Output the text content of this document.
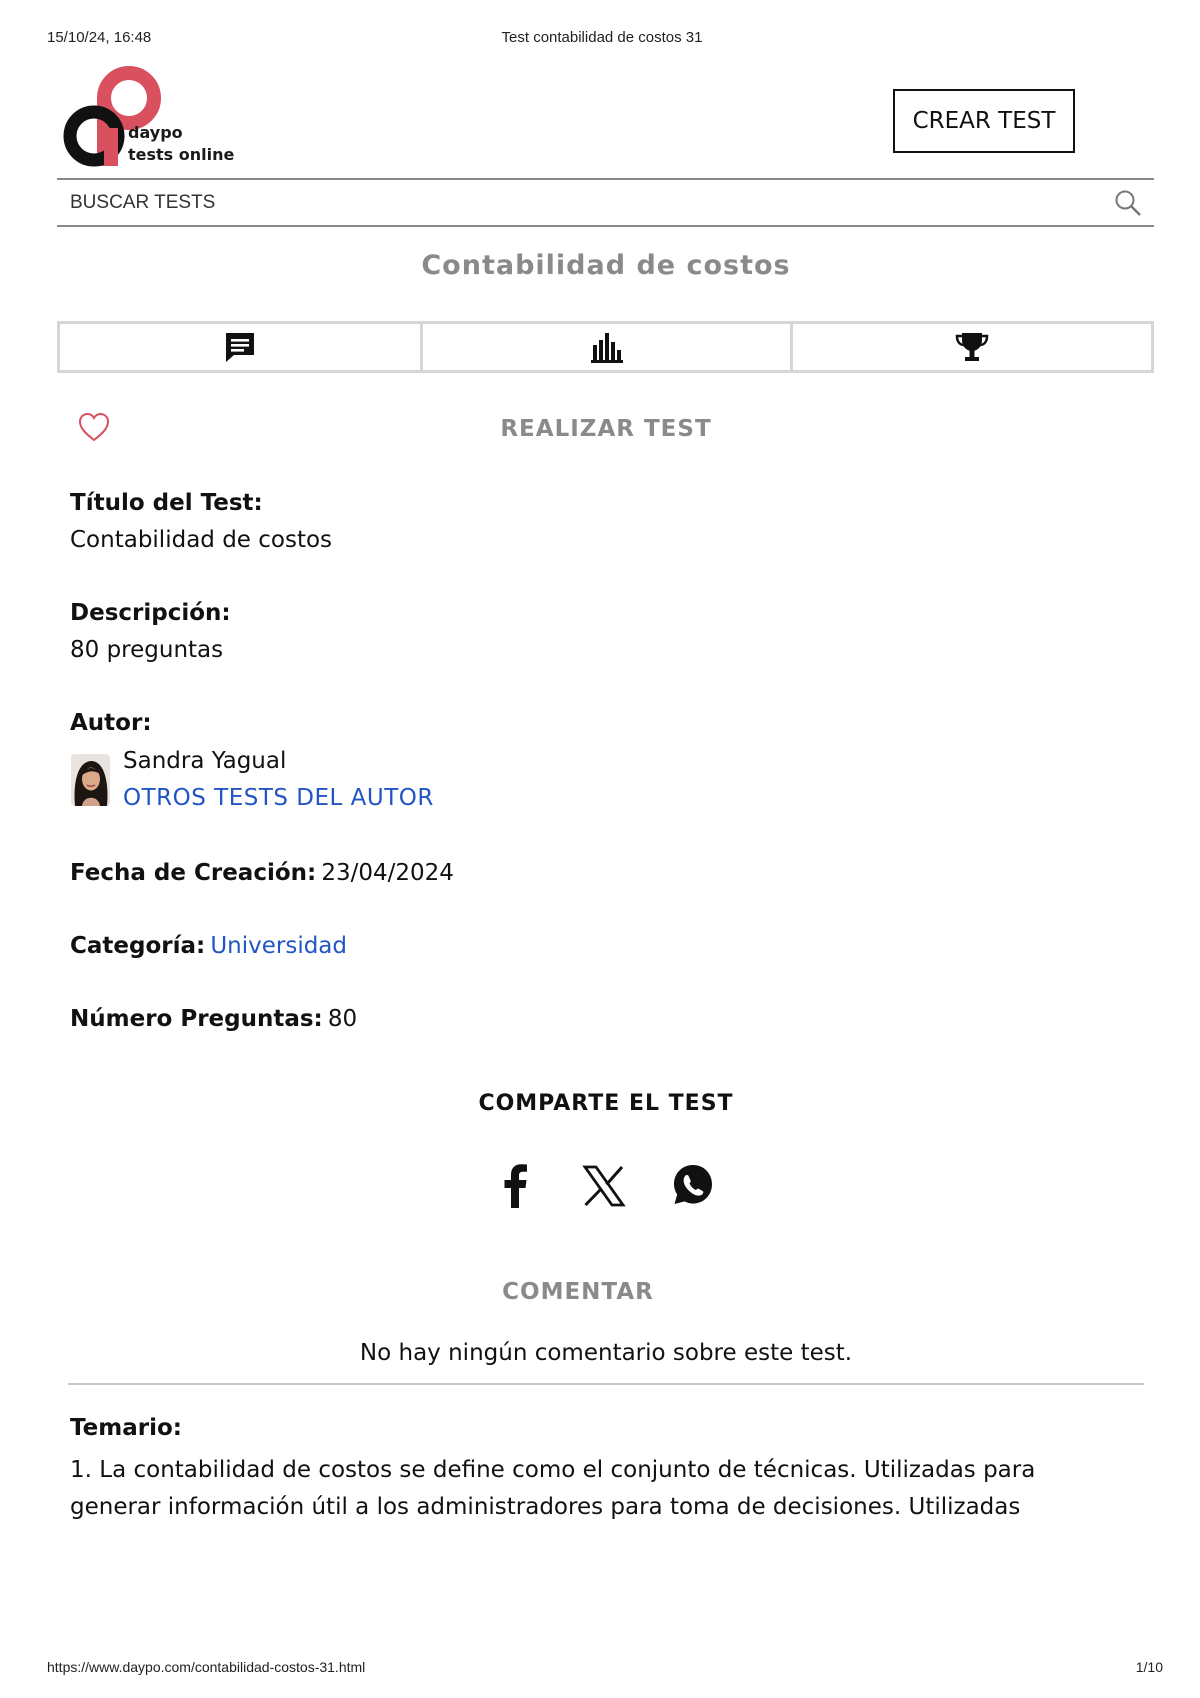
15/10/24, 16:48	Test contabilidad de costos 31
daypo
tests online
CREAR TEST
BUSCAR TESTS
Contabilidad de costos
REALIZAR TEST
Título del Test:
Contabilidad de costos
Descripción:
80 preguntas
Autor:
Sandra Yagual
OTROS TESTS DEL AUTOR
Fecha de Creación: 23/04/2024
Categoría: Universidad
Número Preguntas: 80
COMPARTE EL TEST
COMENTAR
No hay ningún comentario sobre este test.
Temario:
1. La contabilidad de costos se define como el conjunto de técnicas. Utilizadas para generar información útil a los administradores para toma de decisiones. Utilizadas
https://www.daypo.com/contabilidad-costos-31.html	1/10
